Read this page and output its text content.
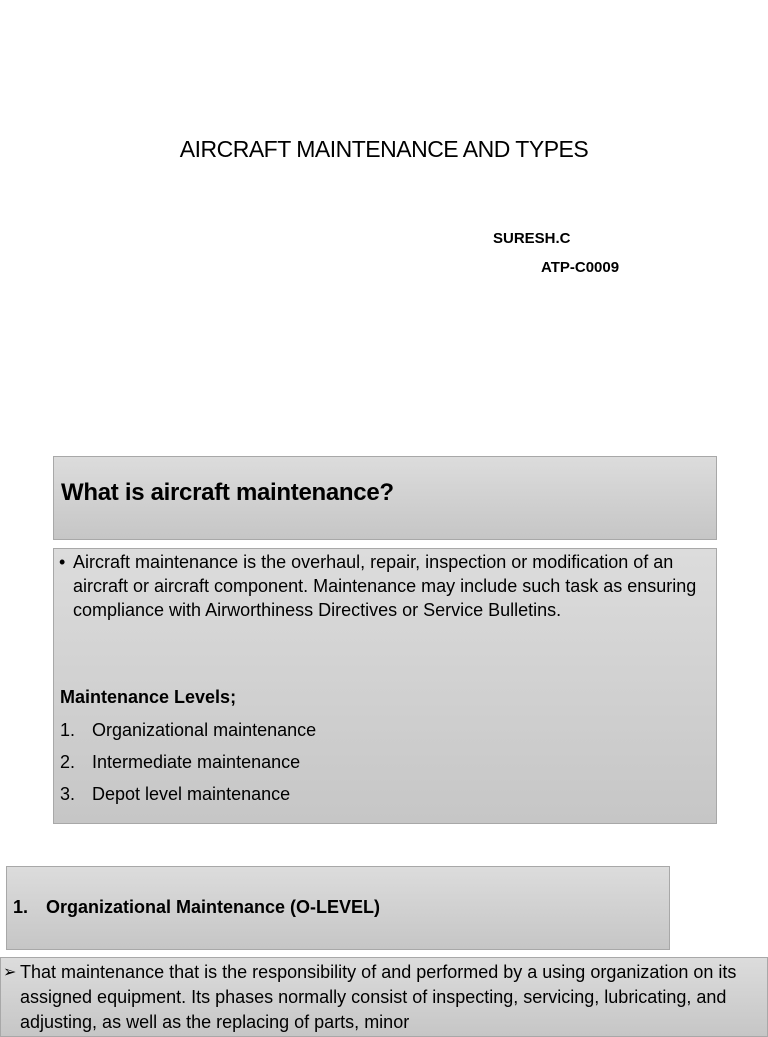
AIRCRAFT MAINTENANCE AND TYPES
SURESH.C
ATP-C0009
What is aircraft maintenance?
• Aircraft maintenance is the overhaul, repair, inspection or modification of an aircraft or aircraft component. Maintenance may include such task as ensuring compliance with Airworthiness Directives or Service Bulletins.
Maintenance Levels;
1. Organizational maintenance
2. Intermediate maintenance
3. Depot level maintenance
1. Organizational Maintenance (O-LEVEL)
➢ That maintenance that is the responsibility of and performed by a using organization on its assigned equipment. Its phases normally consist of inspecting, servicing, lubricating, and adjusting, as well as the replacing of parts, minor
